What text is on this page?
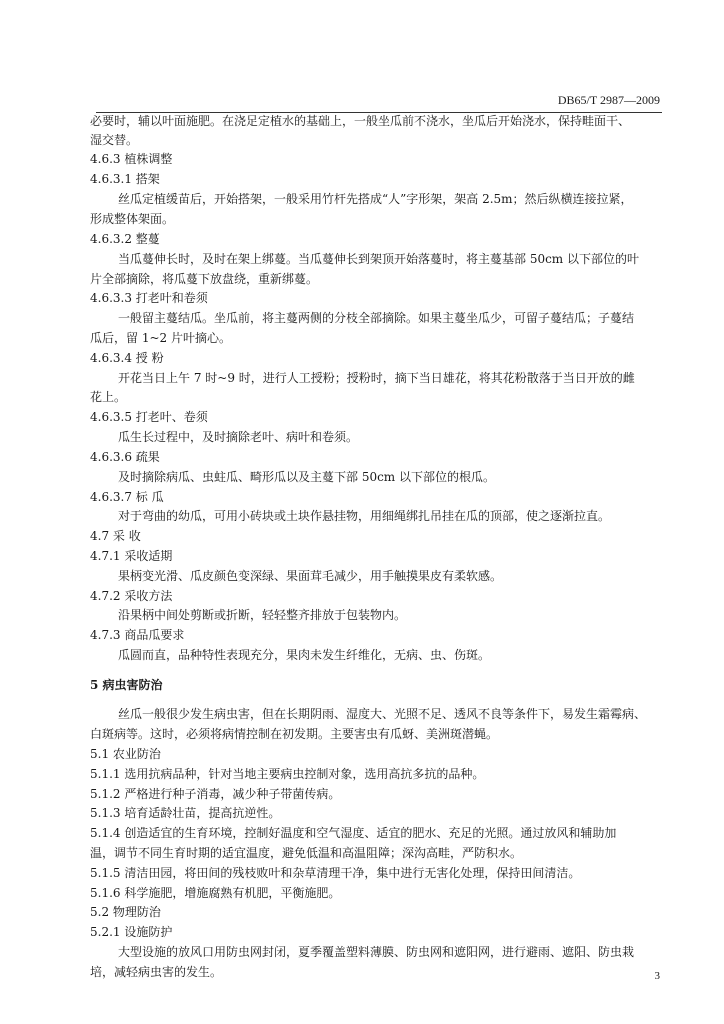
DB65/T 2987—2009
必要时，辅以叶面施肥。在浇足定植水的基础上，一般坐瓜前不浇水，坐瓜后开始浇水，保持畦面干、
湿交替。
4.6.3 植株调整
4.6.3.1 搭架
丝瓜定植缓苗后，开始搭架，一般采用竹杆先搭成“人”字形架，架高 2.5m；然后纵横连接拉紧，
形成整体架面。
4.6.3.2 整蔓
当瓜蔓伸长时，及时在架上绑蔓。当瓜蔓伸长到架顶开始落蔓时，将主蔓基部 50cm 以下部位的叶
片全部摘除，将瓜蔓下放盘绕，重新绑蔓。
4.6.3.3 打老叶和卷须
一般留主蔓结瓜。坐瓜前，将主蔓两侧的分枝全部摘除。如果主蔓坐瓜少，可留子蔓结瓜；子蔓结
瓜后，留 1~2 片叶摘心。
4.6.3.4 授 粉
开花当日上午 7 时~9 时，进行人工授粉；授粉时，摘下当日雄花，将其花粉散落于当日开放的雌
花上。
4.6.3.5 打老叶、卷须
瓜生长过程中，及时摘除老叶、病叶和卷须。
4.6.3.6 疏果
及时摘除病瓜、虫蛀瓜、畸形瓜以及主蔓下部 50cm 以下部位的根瓜。
4.6.3.7 标 瓜
对于弯曲的幼瓜，可用小砖块或土块作悬挂物，用细绳绑扎吊挂在瓜的顶部，使之逐渐拉直。
4.7 采 收
4.7.1 采收适期
果柄变光滑、瓜皮颜色变深绿、果面茸毛减少，用手触摸果皮有柔软感。
4.7.2 采收方法
沿果柄中间处剪断或折断，轻轻整齐排放于包装物内。
4.7.3 商品瓜要求
瓜圆而直，品种特性表现充分，果肉未发生纤维化，无病、虫、伤斑。
5 病虫害防治
丝瓜一般很少发生病虫害，但在长期阴雨、湿度大、光照不足、透风不良等条件下，易发生霜霉病、
白斑病等。这时，必须将病情控制在初发期。主要害虫有瓜蚜、美洲斑潜蝇。
5.1 农业防治
5.1.1 选用抗病品种，针对当地主要病虫控制对象，选用高抗多抗的品种。
5.1.2 严格进行种子消毒，减少种子带菌传病。
5.1.3 培育适龄壮苗，提高抗逆性。
5.1.4 创造适宜的生育环境，控制好温度和空气湿度、适宜的肥水、充足的光照。通过放风和辅助加
温，调节不同生育时期的适宜温度，避免低温和高温阻障；深沟高畦，严防积水。
5.1.5 清洁田园，将田间的残枝败叶和杂草清理干净，集中进行无害化处理，保持田间清洁。
5.1.6 科学施肥，增施腐熟有机肥，平衡施肥。
5.2 物理防治
5.2.1 设施防护
大型设施的放风口用防虫网封闭，夏季覆盖塑料薄膜、防虫网和遮阳网，进行避雨、遮阳、防虫栽
培，减轻病虫害的发生。	3
